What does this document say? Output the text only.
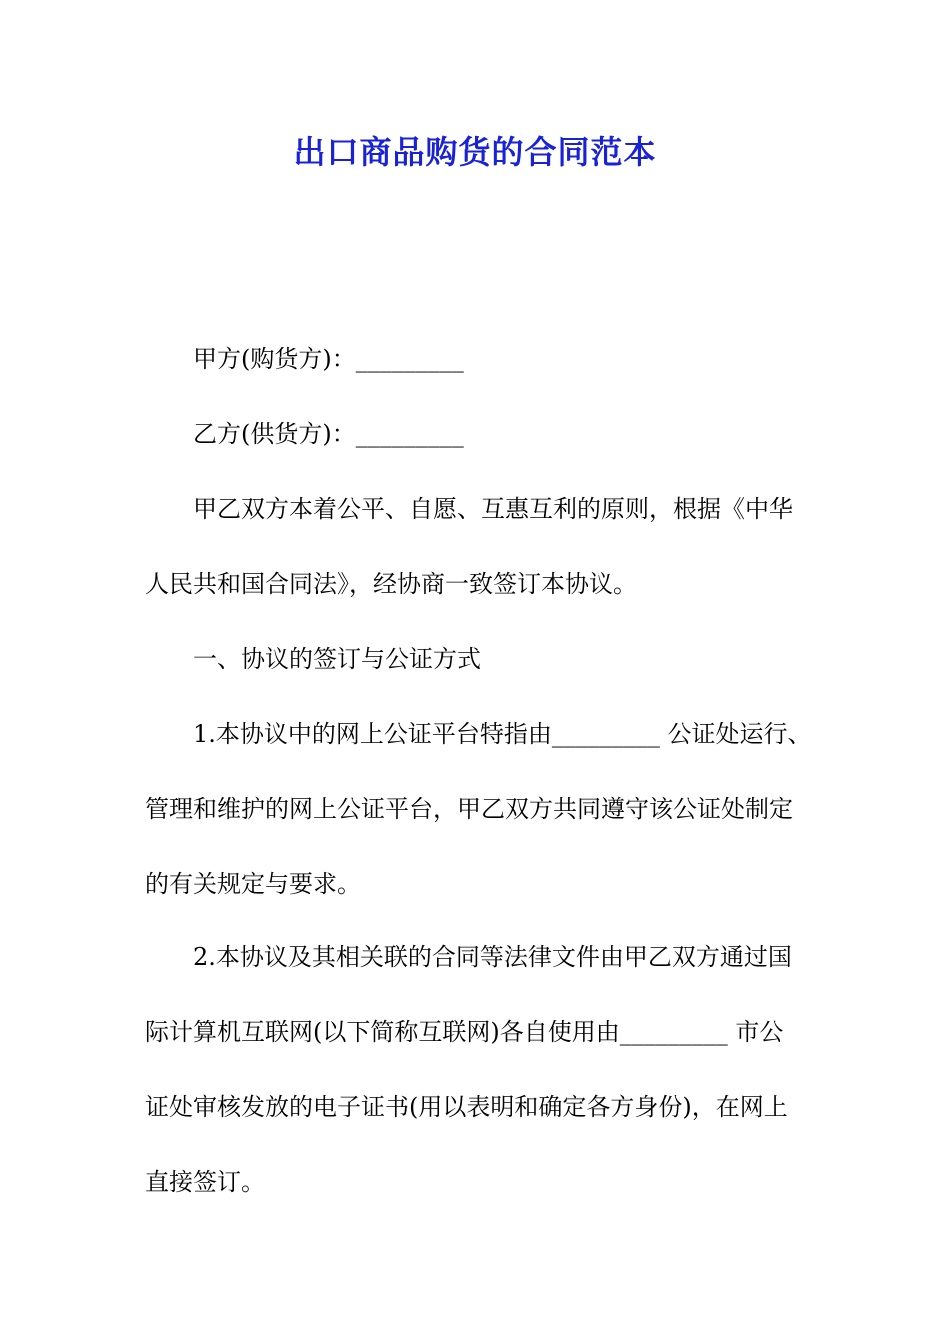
出口商品购货的合同范本

甲方(购货方)：_________

乙方(供货方)：_________

甲乙双方本着公平、自愿、互惠互利的原则，根据《中华
人民共和国合同法》，经协商一致签订本协议。

一、协议的签订与公证方式

1.本协议中的网上公证平台特指由_________ 公证处运行、
管理和维护的网上公证平台，甲乙双方共同遵守该公证处制定
的有关规定与要求。
2.本协议及其相关联的合同等法律文件由甲乙双方通过国
际计算机互联网(以下简称互联网)各自使用由_________ 市公
证处审核发放的电子证书(用以表明和确定各方身份)，在网上
直接签订。
